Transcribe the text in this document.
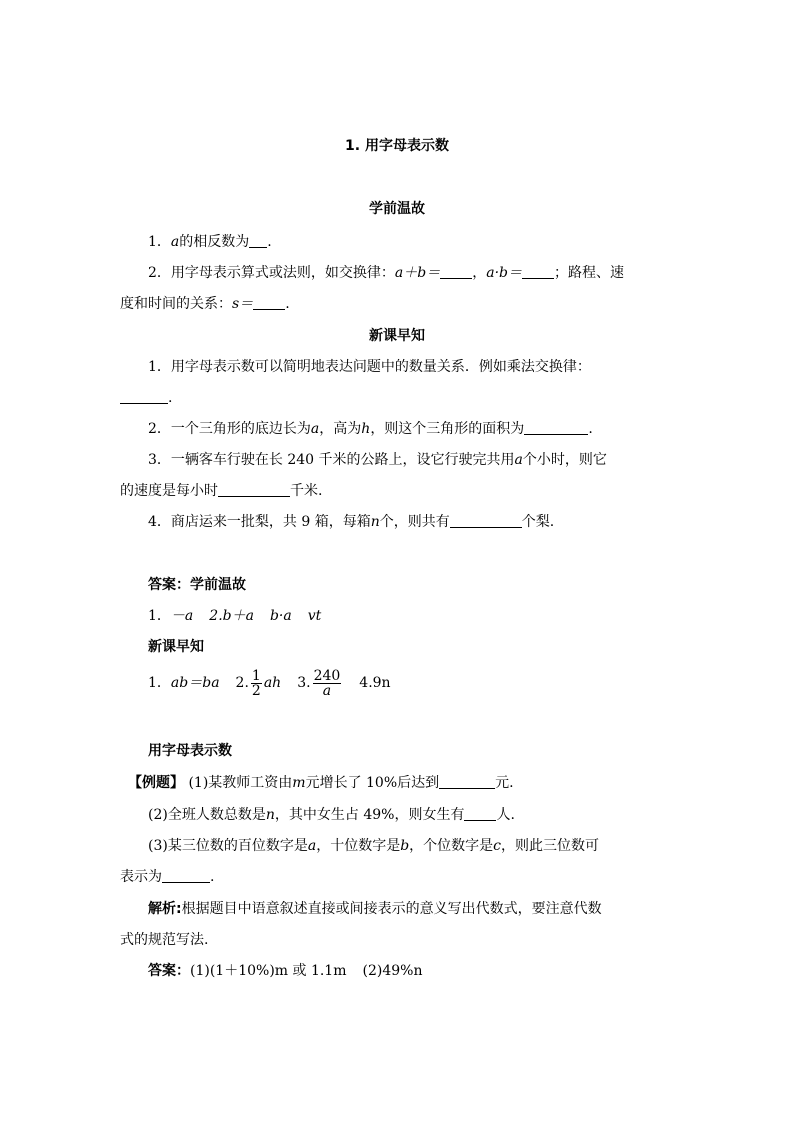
1. 用字母表示数
学前温故
1．a的相反数为 .
2．用字母表示算式或法则，如交换律：a＋b＝ ，a·b＝ ；路程、速
度和时间的关系：s＝ .
新课早知
1．用字母表示数可以简明地表达问题中的数量关系．例如乘法交换律：
.
2．一个三角形的底边长为a，高为h，则这个三角形的面积为	.
3．一辆客车行驶在长 240 千米的公路上，设它行驶完共用a个小时，则它
的速度是每小时	千米.
4．商店运来一批梨，共 9 箱，每箱n个，则共有	个梨.
答案：学前温故
1．－a 2.b＋a b·a vt
新课早知
1．ab＝ba 2. $\frac{1}{2}$ ah 3. $\frac{240}{a} 4.9n$
用字母表示数
【例题】 (1)某教师工资由m元增长了 10%后达到	元.
(2)全班人数总数是n，其中女生占 49%，则女生有 人.
(3)某三位数的百位数字是a，十位数字是b，个位数字是c，则此三位数可
表示为	.
解析:根据题目中语意叙述直接或间接表示的意义写出代数式，要注意代数
式的规范写法.
答案：(1)(1＋10%)m 或 1.1m (2)49%n
